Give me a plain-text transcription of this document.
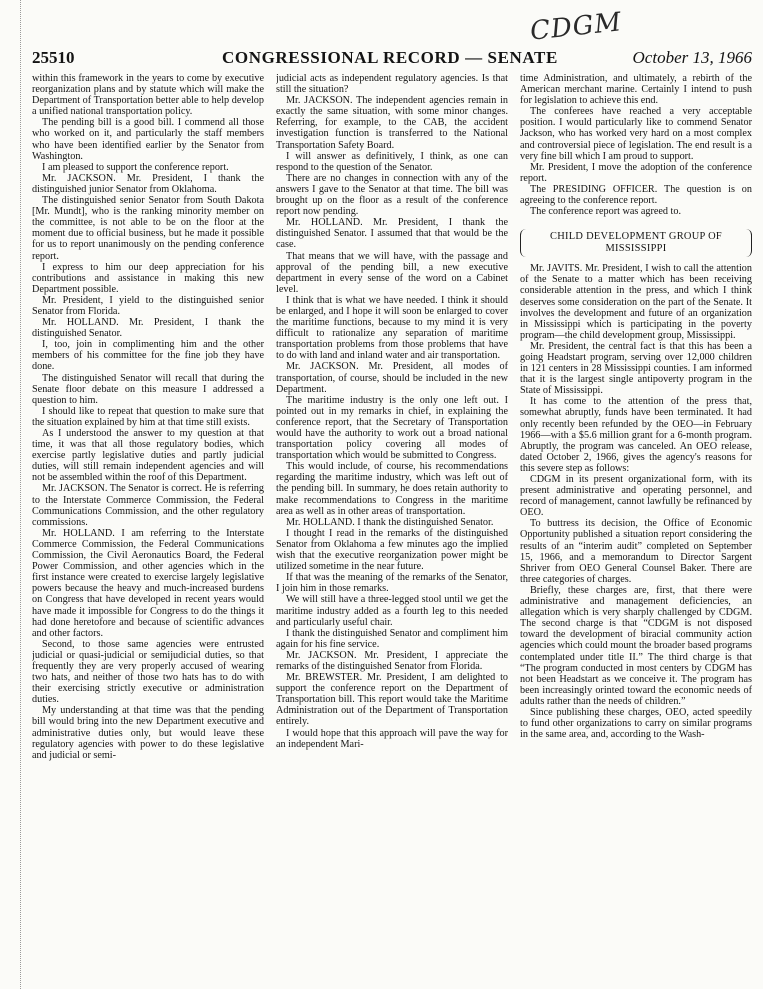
CDGM
25510	CONGRESSIONAL RECORD — SENATE	October 13, 1966

within this framework in the years to come by executive reorganization plans and by statute which will make the Department of Transportation better able to help develop a unified national transportation policy.

The pending bill is a good bill. I commend all those who worked on it, and particularly the staff members who have been identified earlier by the Senator from Washington.

I am pleased to support the conference report.

Mr. JACKSON. Mr. President, I thank the distinguished junior Senator from Oklahoma.

The distinguished senior Senator from South Dakota [Mr. Mundt], who is the ranking minority member on the committee, is not able to be on the floor at the moment due to official business, but he made it possible for us to report unanimously on the pending conference report.

I express to him our deep appreciation for his contributions and assistance in making this new Department possible.

Mr. President, I yield to the distinguished senior Senator from Florida.

Mr. HOLLAND. Mr. President, I thank the distinguished Senator.

I, too, join in complimenting him and the other members of his committee for the fine job they have done.

The distinguished Senator will recall that during the Senate floor debate on this measure I addressed a question to him.

I should like to repeat that question to make sure that the situation explained by him at that time still exists.

As I understood the answer to my question at that time, it was that all those regulatory bodies, which exercise partly legislative duties and partly judicial duties, will still remain independent agencies and will not be assembled within the roof of this Department.

Mr. JACKSON. The Senator is correct. He is referring to the Interstate Commerce Commission, the Federal Communications Commission, and the other regulatory commissions.

Mr. HOLLAND. I am referring to the Interstate Commerce Commission, the Federal Communications Commission, the Civil Aeronautics Board, the Federal Power Commission, and other agencies which in the first instance were created to exercise largely legislative powers because the heavy and much-increased burdens on Congress that have developed in recent years would have made it impossible for Congress to do the things it had done heretofore and because of scientific advances and other factors.

Second, to those same agencies were entrusted judicial or quasi-judicial or semijudicial duties, so that frequently they are very properly accused of wearing two hats, and neither of those two hats has to do with their exercising strictly executive or administration duties.

My understanding at that time was that the pending bill would bring into the new Department executive and administrative duties only, but would leave these regulatory agencies with power to do these legislative and judicial or semi-

judicial acts as independent regulatory agencies. Is that still the situation?

Mr. JACKSON. The independent agencies remain in exactly the same situation, with some minor changes. Referring, for example, to the CAB, the accident investigation function is transferred to the National Transportation Safety Board.

I will answer as definitively, I think, as one can respond to the question of the Senator.

There are no changes in connection with any of the answers I gave to the Senator at that time. The bill was brought up on the floor as a result of the conference report now pending.

Mr. HOLLAND. Mr. President, I thank the distinguished Senator. I assumed that that would be the case.

That means that we will have, with the passage and approval of the pending bill, a new executive department in every sense of the word on a Cabinet level.

I think that is what we have needed. I think it should be enlarged, and I hope it will soon be enlarged to cover the maritime functions, because to my mind it is very difficult to rationalize any separation of maritime transportation problems from those problems that have to do with land and inland water and air transportation.

Mr. JACKSON. Mr. President, all modes of transportation, of course, should be included in the new Department.

The maritime industry is the only one left out. I pointed out in my remarks in chief, in explaining the conference report, that the Secretary of Transportation would have the authority to work out a broad national transportation policy covering all modes of transportation which would be submitted to Congress.

This would include, of course, his recommendations regarding the maritime industry, which was left out of the pending bill. In summary, he does retain authority to make recommendations to Congress in the maritime area as well as in other areas of transportation.

Mr. HOLLAND. I thank the distinguished Senator.

I thought I read in the remarks of the distinguished Senator from Oklahoma a few minutes ago the implied wish that the executive reorganization power might be utilized sometime in the near future.

If that was the meaning of the remarks of the Senator, I join him in those remarks.

We will still have a three-legged stool until we get the maritime industry added as a fourth leg to this needed and particularly useful chair.

I thank the distinguished Senator and compliment him again for his fine service.

Mr. JACKSON. Mr. President, I appreciate the remarks of the distinguished Senator from Florida.

Mr. BREWSTER. Mr. President, I am delighted to support the conference report on the Department of Transportation bill. This report would take the Maritime Administration out of the Department of Transportation entirely.

I would hope that this approach will pave the way for an independent Mari-

time Administration, and ultimately, a rebirth of the American merchant marine. Certainly I intend to push for legislation to achieve this end.

The conferees have reached a very acceptable position. I would particularly like to commend Senator Jackson, who has worked very hard on a most complex and controversial piece of legislation. The end result is a very fine bill which I am proud to support.

Mr. President, I move the adoption of the conference report.

The PRESIDING OFFICER. The question is on agreeing to the conference report.

The conference report was agreed to.

CHILD DEVELOPMENT GROUP OF MISSISSIPPI

Mr. JAVITS. Mr. President, I wish to call the attention of the Senate to a matter which has been receiving considerable attention in the press, and which I think deserves some consideration on the part of the Senate. It involves the development and future of an organization in Mississippi which is participating in the poverty program—the child development group, Mississippi.

Mr. President, the central fact is that this has been a going Headstart program, serving over 12,000 children in 121 centers in 28 Mississippi counties. I am informed that it is the largest single antipoverty program in the State of Mississippi.

It has come to the attention of the press that, somewhat abruptly, funds have been terminated. It had only recently been refunded by the OEO—in February 1966—with a $5.6 million grant for a 6-month program. Abruptly, the program was canceled. An OEO release, dated October 2, 1966, gives the agency's reasons for this severe step as follows:

CDGM in its present organizational form, with its present administrative and operating personnel, and record of management, cannot lawfully be refinanced by OEO.

To buttress its decision, the Office of Economic Opportunity published a situation report considering the results of an “interim audit” completed on September 15, 1966, and a memorandum to Director Sargent Shriver from OEO General Counsel Baker. There are three categories of charges.

Briefly, these charges are, first, that there were administrative and management deficiencies, an allegation which is very sharply challenged by CDGM. The second charge is that “CDGM is not disposed toward the development of biracial community action agencies which could mount the broader based programs contemplated under title II.” The third charge is that “The program conducted in most centers by CDGM has not been Headstart as we conceive it. The program has been increasingly orinted toward the economic needs of adults rather than the needs of children.”

Since publishing these charges, OEO, acted speedily to fund other organizations to carry on similar programs in the same area, and, according to the Wash-
